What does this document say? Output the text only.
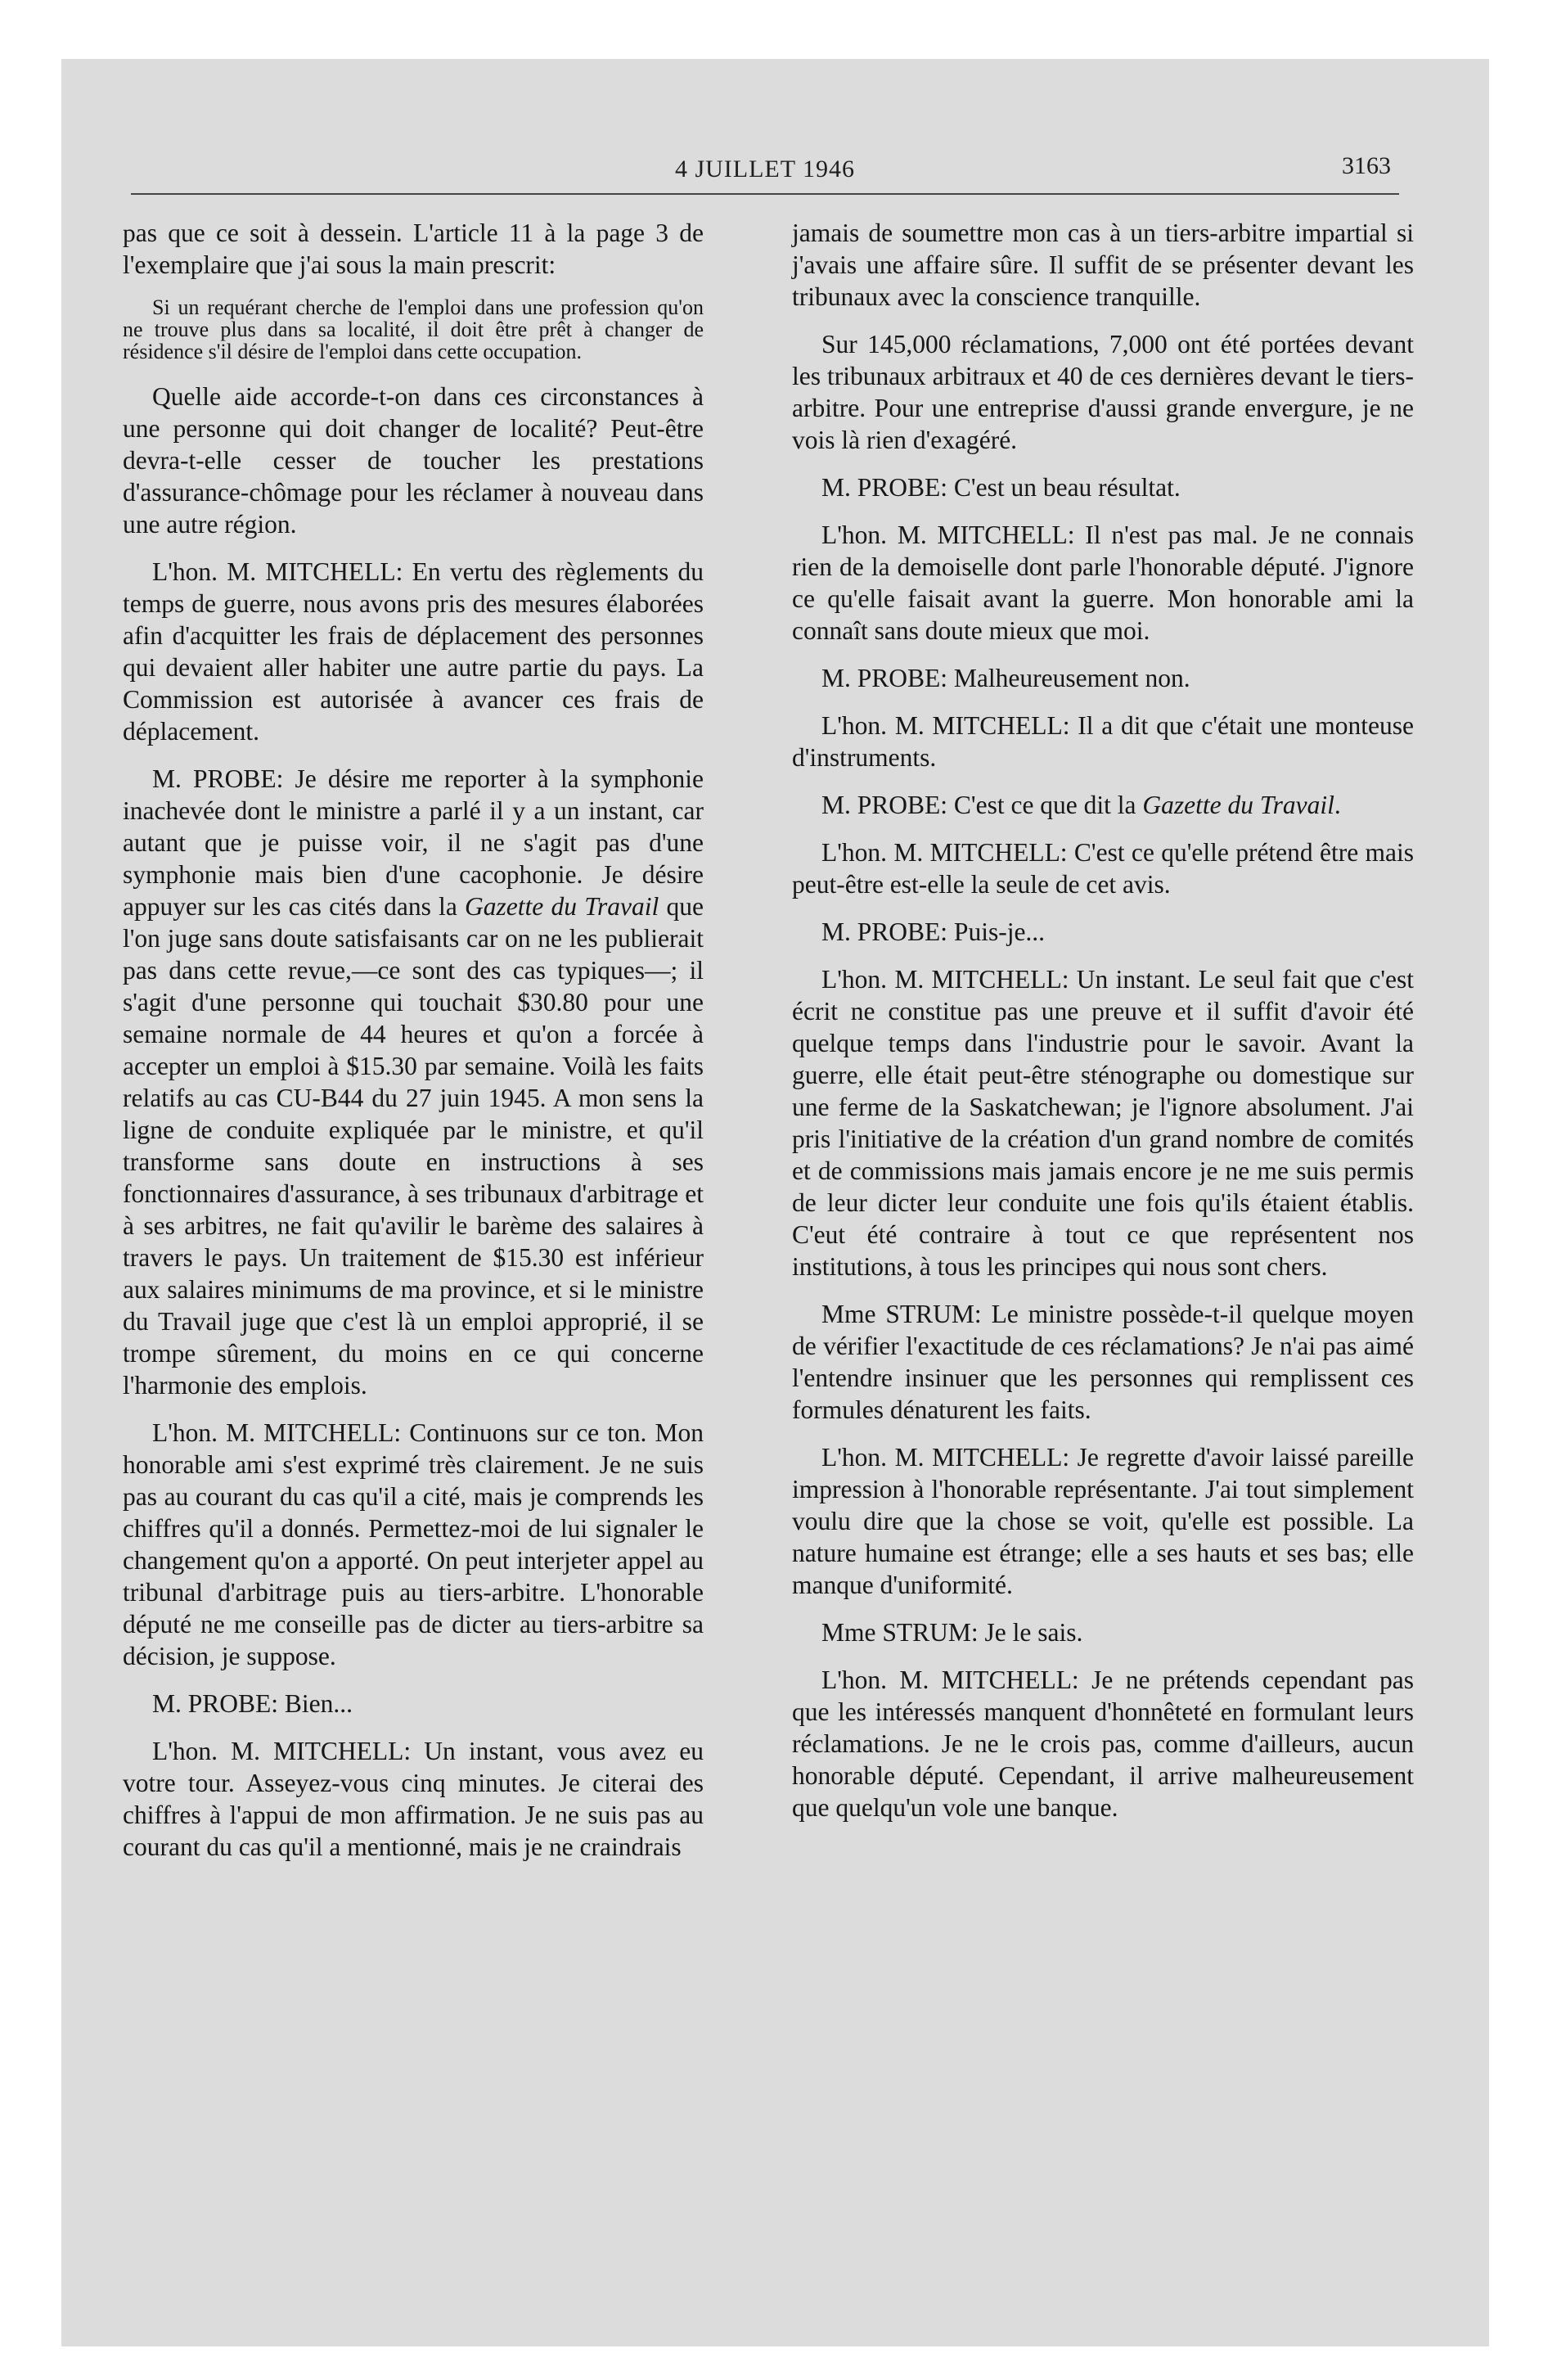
4 JUILLET 1946	3163

pas que ce soit à dessein. L'article 11 à la page 3 de l'exemplaire que j'ai sous la main prescrit:

Si un requérant cherche de l'emploi dans une profession qu'on ne trouve plus dans sa localité, il doit être prêt à changer de résidence s'il désire de l'emploi dans cette occupation.

Quelle aide accorde-t-on dans ces circonstances à une personne qui doit changer de localité? Peut-être devra-t-elle cesser de toucher les prestations d'assurance-chômage pour les réclamer à nouveau dans une autre région.

L'hon. M. MITCHELL: En vertu des règlements du temps de guerre, nous avons pris des mesures élaborées afin d'acquitter les frais de déplacement des personnes qui devaient aller habiter une autre partie du pays. La Commission est autorisée à avancer ces frais de déplacement.

M. PROBE: Je désire me reporter à la symphonie inachevée dont le ministre a parlé il y a un instant, car autant que je puisse voir, il ne s'agit pas d'une symphonie mais bien d'une cacophonie. Je désire appuyer sur les cas cités dans la Gazette du Travail que l'on juge sans doute satisfaisants car on ne les publierait pas dans cette revue,—ce sont des cas typiques—; il s'agit d'une personne qui touchait $30.80 pour une semaine normale de 44 heures et qu'on a forcée à accepter un emploi à $15.30 par semaine. Voilà les faits relatifs au cas CU-B44 du 27 juin 1945. A mon sens la ligne de conduite expliquée par le ministre, et qu'il transforme sans doute en instructions à ses fonctionnaires d'assurance, à ses tribunaux d'arbitrage et à ses arbitres, ne fait qu'avilir le barème des salaires à travers le pays. Un traitement de $15.30 est inférieur aux salaires minimums de ma province, et si le ministre du Travail juge que c'est là un emploi approprié, il se trompe sûrement, du moins en ce qui concerne l'harmonie des emplois.

L'hon. M. MITCHELL: Continuons sur ce ton. Mon honorable ami s'est exprimé très clairement. Je ne suis pas au courant du cas qu'il a cité, mais je comprends les chiffres qu'il a donnés. Permettez-moi de lui signaler le changement qu'on a apporté. On peut interjeter appel au tribunal d'arbitrage puis au tiers-arbitre. L'honorable député ne me conseille pas de dicter au tiers-arbitre sa décision, je suppose.

M. PROBE: Bien...

L'hon. M. MITCHELL: Un instant, vous avez eu votre tour. Asseyez-vous cinq minutes. Je citerai des chiffres à l'appui de mon affirmation. Je ne suis pas au courant du cas qu'il a mentionné, mais je ne craindrais

jamais de soumettre mon cas à un tiers-arbitre impartial si j'avais une affaire sûre. Il suffit de se présenter devant les tribunaux avec la conscience tranquille.

Sur 145,000 réclamations, 7,000 ont été portées devant les tribunaux arbitraux et 40 de ces dernières devant le tiers-arbitre. Pour une entreprise d'aussi grande envergure, je ne vois là rien d'exagéré.

M. PROBE: C'est un beau résultat.

L'hon. M. MITCHELL: Il n'est pas mal. Je ne connais rien de la demoiselle dont parle l'honorable député. J'ignore ce qu'elle faisait avant la guerre. Mon honorable ami la connaît sans doute mieux que moi.

M. PROBE: Malheureusement non.

L'hon. M. MITCHELL: Il a dit que c'était une monteuse d'instruments.

M. PROBE: C'est ce que dit la Gazette du Travail.

L'hon. M. MITCHELL: C'est ce qu'elle prétend être mais peut-être est-elle la seule de cet avis.

M. PROBE: Puis-je...

L'hon. M. MITCHELL: Un instant. Le seul fait que c'est écrit ne constitue pas une preuve et il suffit d'avoir été quelque temps dans l'industrie pour le savoir. Avant la guerre, elle était peut-être sténographe ou domestique sur une ferme de la Saskatchewan; je l'ignore absolument. J'ai pris l'initiative de la création d'un grand nombre de comités et de commissions mais jamais encore je ne me suis permis de leur dicter leur conduite une fois qu'ils étaient établis. C'eut été contraire à tout ce que représentent nos institutions, à tous les principes qui nous sont chers.

Mme STRUM: Le ministre possède-t-il quelque moyen de vérifier l'exactitude de ces réclamations? Je n'ai pas aimé l'entendre insinuer que les personnes qui remplissent ces formules dénaturent les faits.

L'hon. M. MITCHELL: Je regrette d'avoir laissé pareille impression à l'honorable représentante. J'ai tout simplement voulu dire que la chose se voit, qu'elle est possible. La nature humaine est étrange; elle a ses hauts et ses bas; elle manque d'uniformité.

Mme STRUM: Je le sais.

L'hon. M. MITCHELL: Je ne prétends cependant pas que les intéressés manquent d'honnêteté en formulant leurs réclamations. Je ne le crois pas, comme d'ailleurs, aucun honorable député. Cependant, il arrive malheureusement que quelqu'un vole une banque.
